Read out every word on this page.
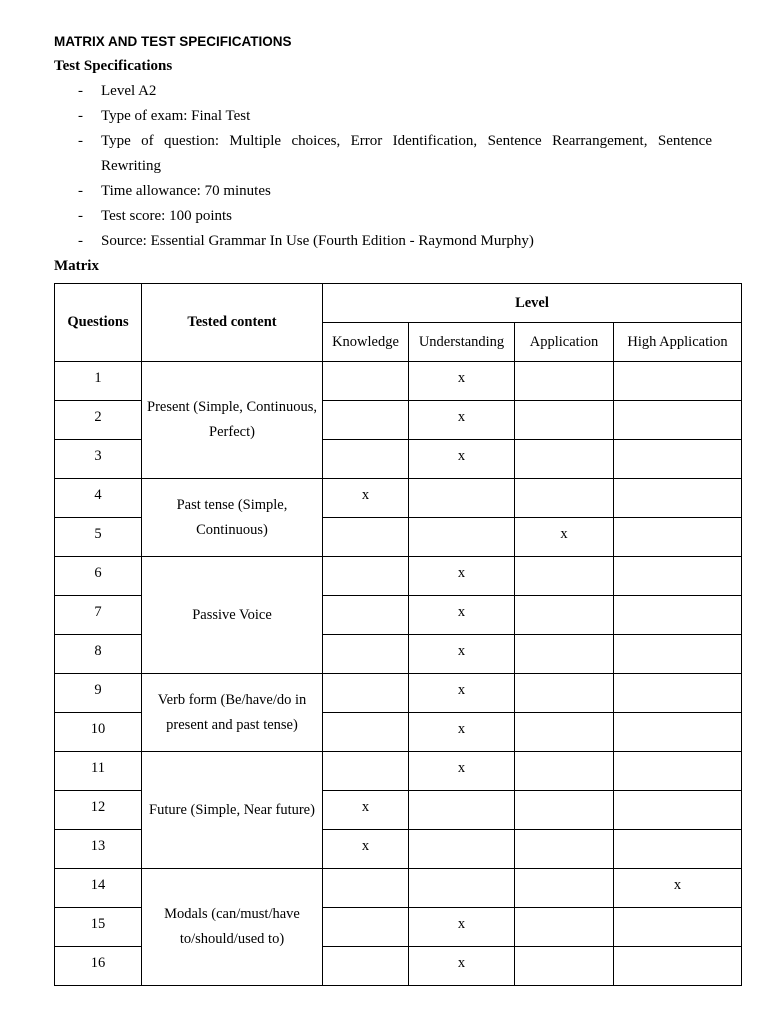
MATRIX AND TEST SPECIFICATIONS
Test Specifications
- Level A2
- Type of exam: Final Test
- Type of question: Multiple choices, Error Identification, Sentence Rearrangement, Sentence
Rewriting
- Time allowance: 70 minutes
- Test score: 100 points
- Source: Essential Grammar In Use (Fourth Edition - Raymond Murphy)
Matrix
Questions	Tested content	Level			
		Knowledge	Understanding	Application	High Application
1	Present (Simple, Continuous, Perfect)		x		
2			x		
3			x		
4	Past tense (Simple, Continuous)	x			
5				x	
6	Passive Voice		x		
7			x		
8			x		
9	Verb form (Be/have/do in present and past tense)		x		
10			x		
11	Future (Simple, Near future)		x		
12		x			
13		x			
14	Modals (can/must/have to/should/used to)				x
15			x		
16			x		
